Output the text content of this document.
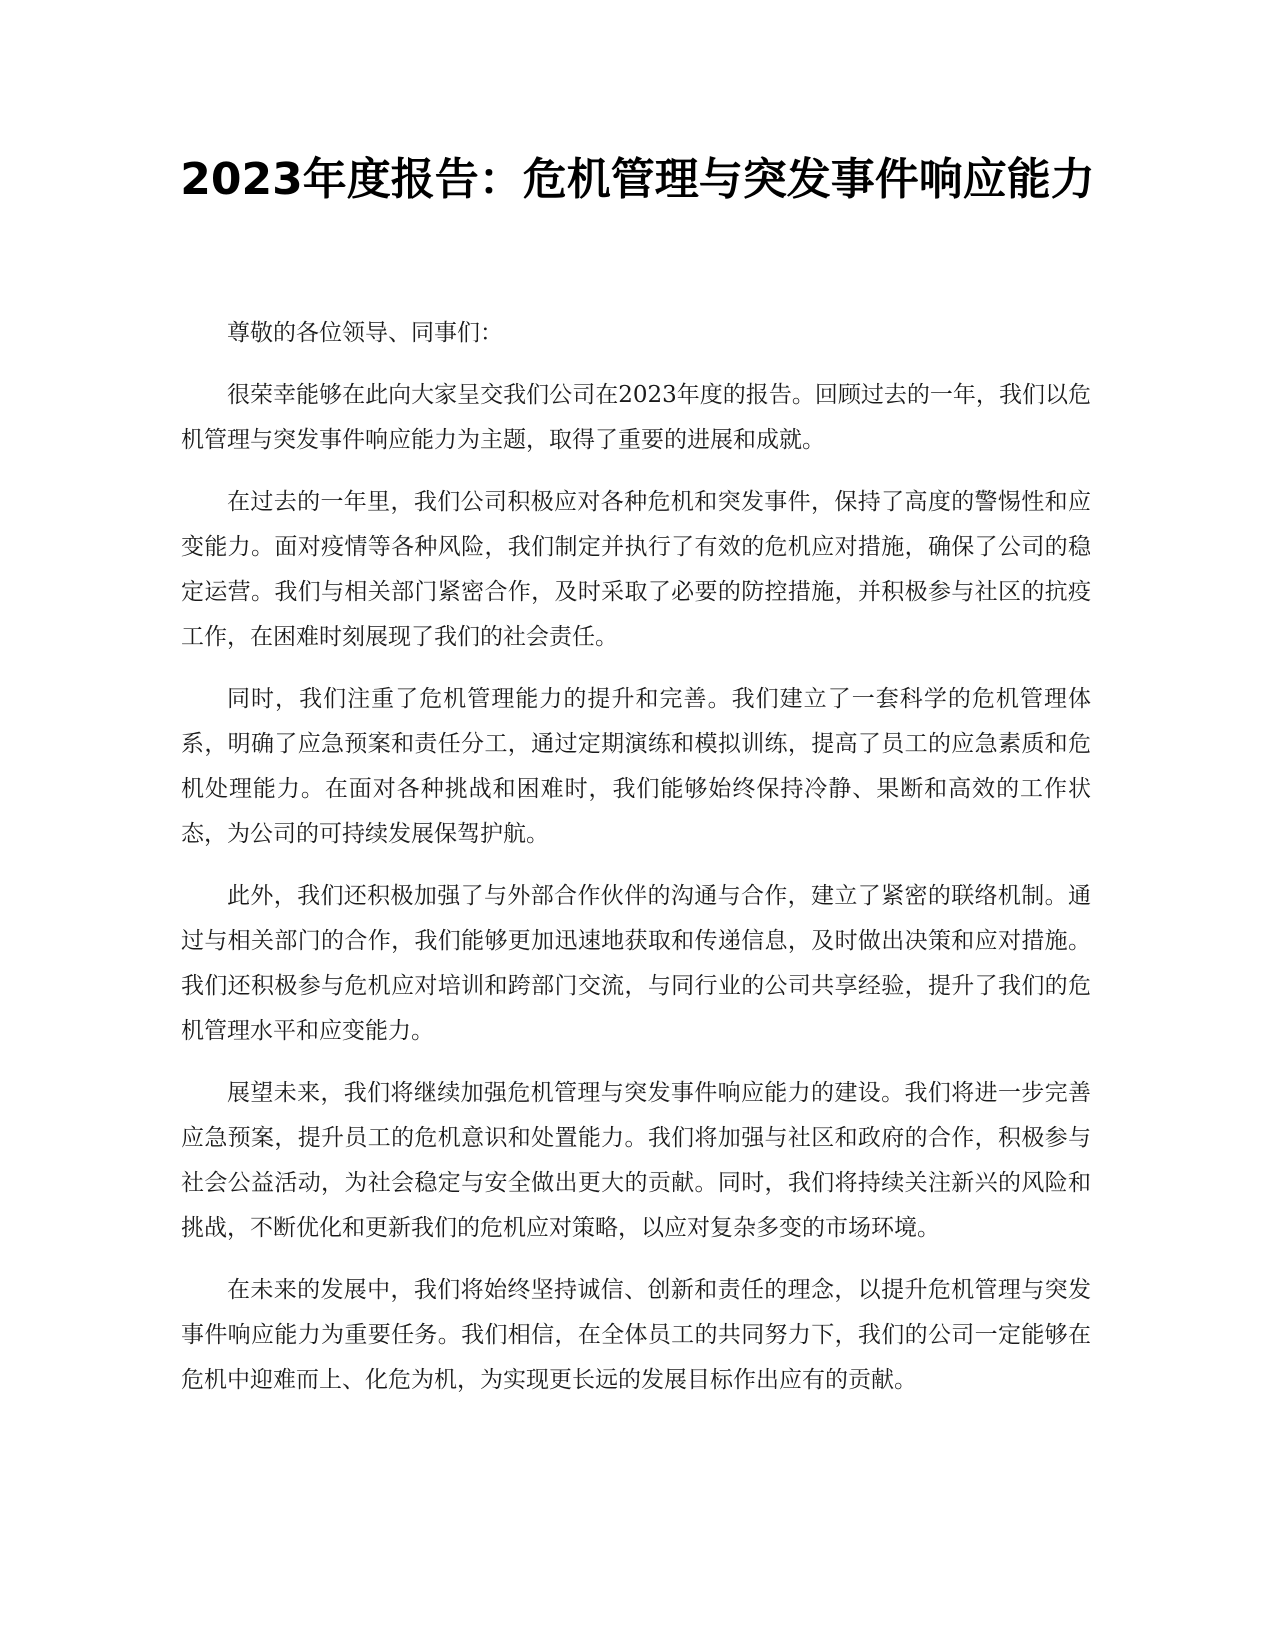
2023年度报告：危机管理与突发事件响应能力

尊敬的各位领导、同事们：

很荣幸能够在此向大家呈交我们公司在2023年度的报告。回顾过去的一年，我们以危机管理与突发事件响应能力为主题，取得了重要的进展和成就。

在过去的一年里，我们公司积极应对各种危机和突发事件，保持了高度的警惕性和应变能力。面对疫情等各种风险，我们制定并执行了有效的危机应对措施，确保了公司的稳定运营。我们与相关部门紧密合作，及时采取了必要的防控措施，并积极参与社区的抗疫工作，在困难时刻展现了我们的社会责任。

同时，我们注重了危机管理能力的提升和完善。我们建立了一套科学的危机管理体系，明确了应急预案和责任分工，通过定期演练和模拟训练，提高了员工的应急素质和危机处理能力。在面对各种挑战和困难时，我们能够始终保持冷静、果断和高效的工作状态，为公司的可持续发展保驾护航。

此外，我们还积极加强了与外部合作伙伴的沟通与合作，建立了紧密的联络机制。通过与相关部门的合作，我们能够更加迅速地获取和传递信息，及时做出决策和应对措施。我们还积极参与危机应对培训和跨部门交流，与同行业的公司共享经验，提升了我们的危机管理水平和应变能力。

展望未来，我们将继续加强危机管理与突发事件响应能力的建设。我们将进一步完善应急预案，提升员工的危机意识和处置能力。我们将加强与社区和政府的合作，积极参与社会公益活动，为社会稳定与安全做出更大的贡献。同时，我们将持续关注新兴的风险和挑战，不断优化和更新我们的危机应对策略，以应对复杂多变的市场环境。

在未来的发展中，我们将始终坚持诚信、创新和责任的理念，以提升危机管理与突发事件响应能力为重要任务。我们相信，在全体员工的共同努力下，我们的公司一定能够在危机中迎难而上、化危为机，为实现更长远的发展目标作出应有的贡献。
